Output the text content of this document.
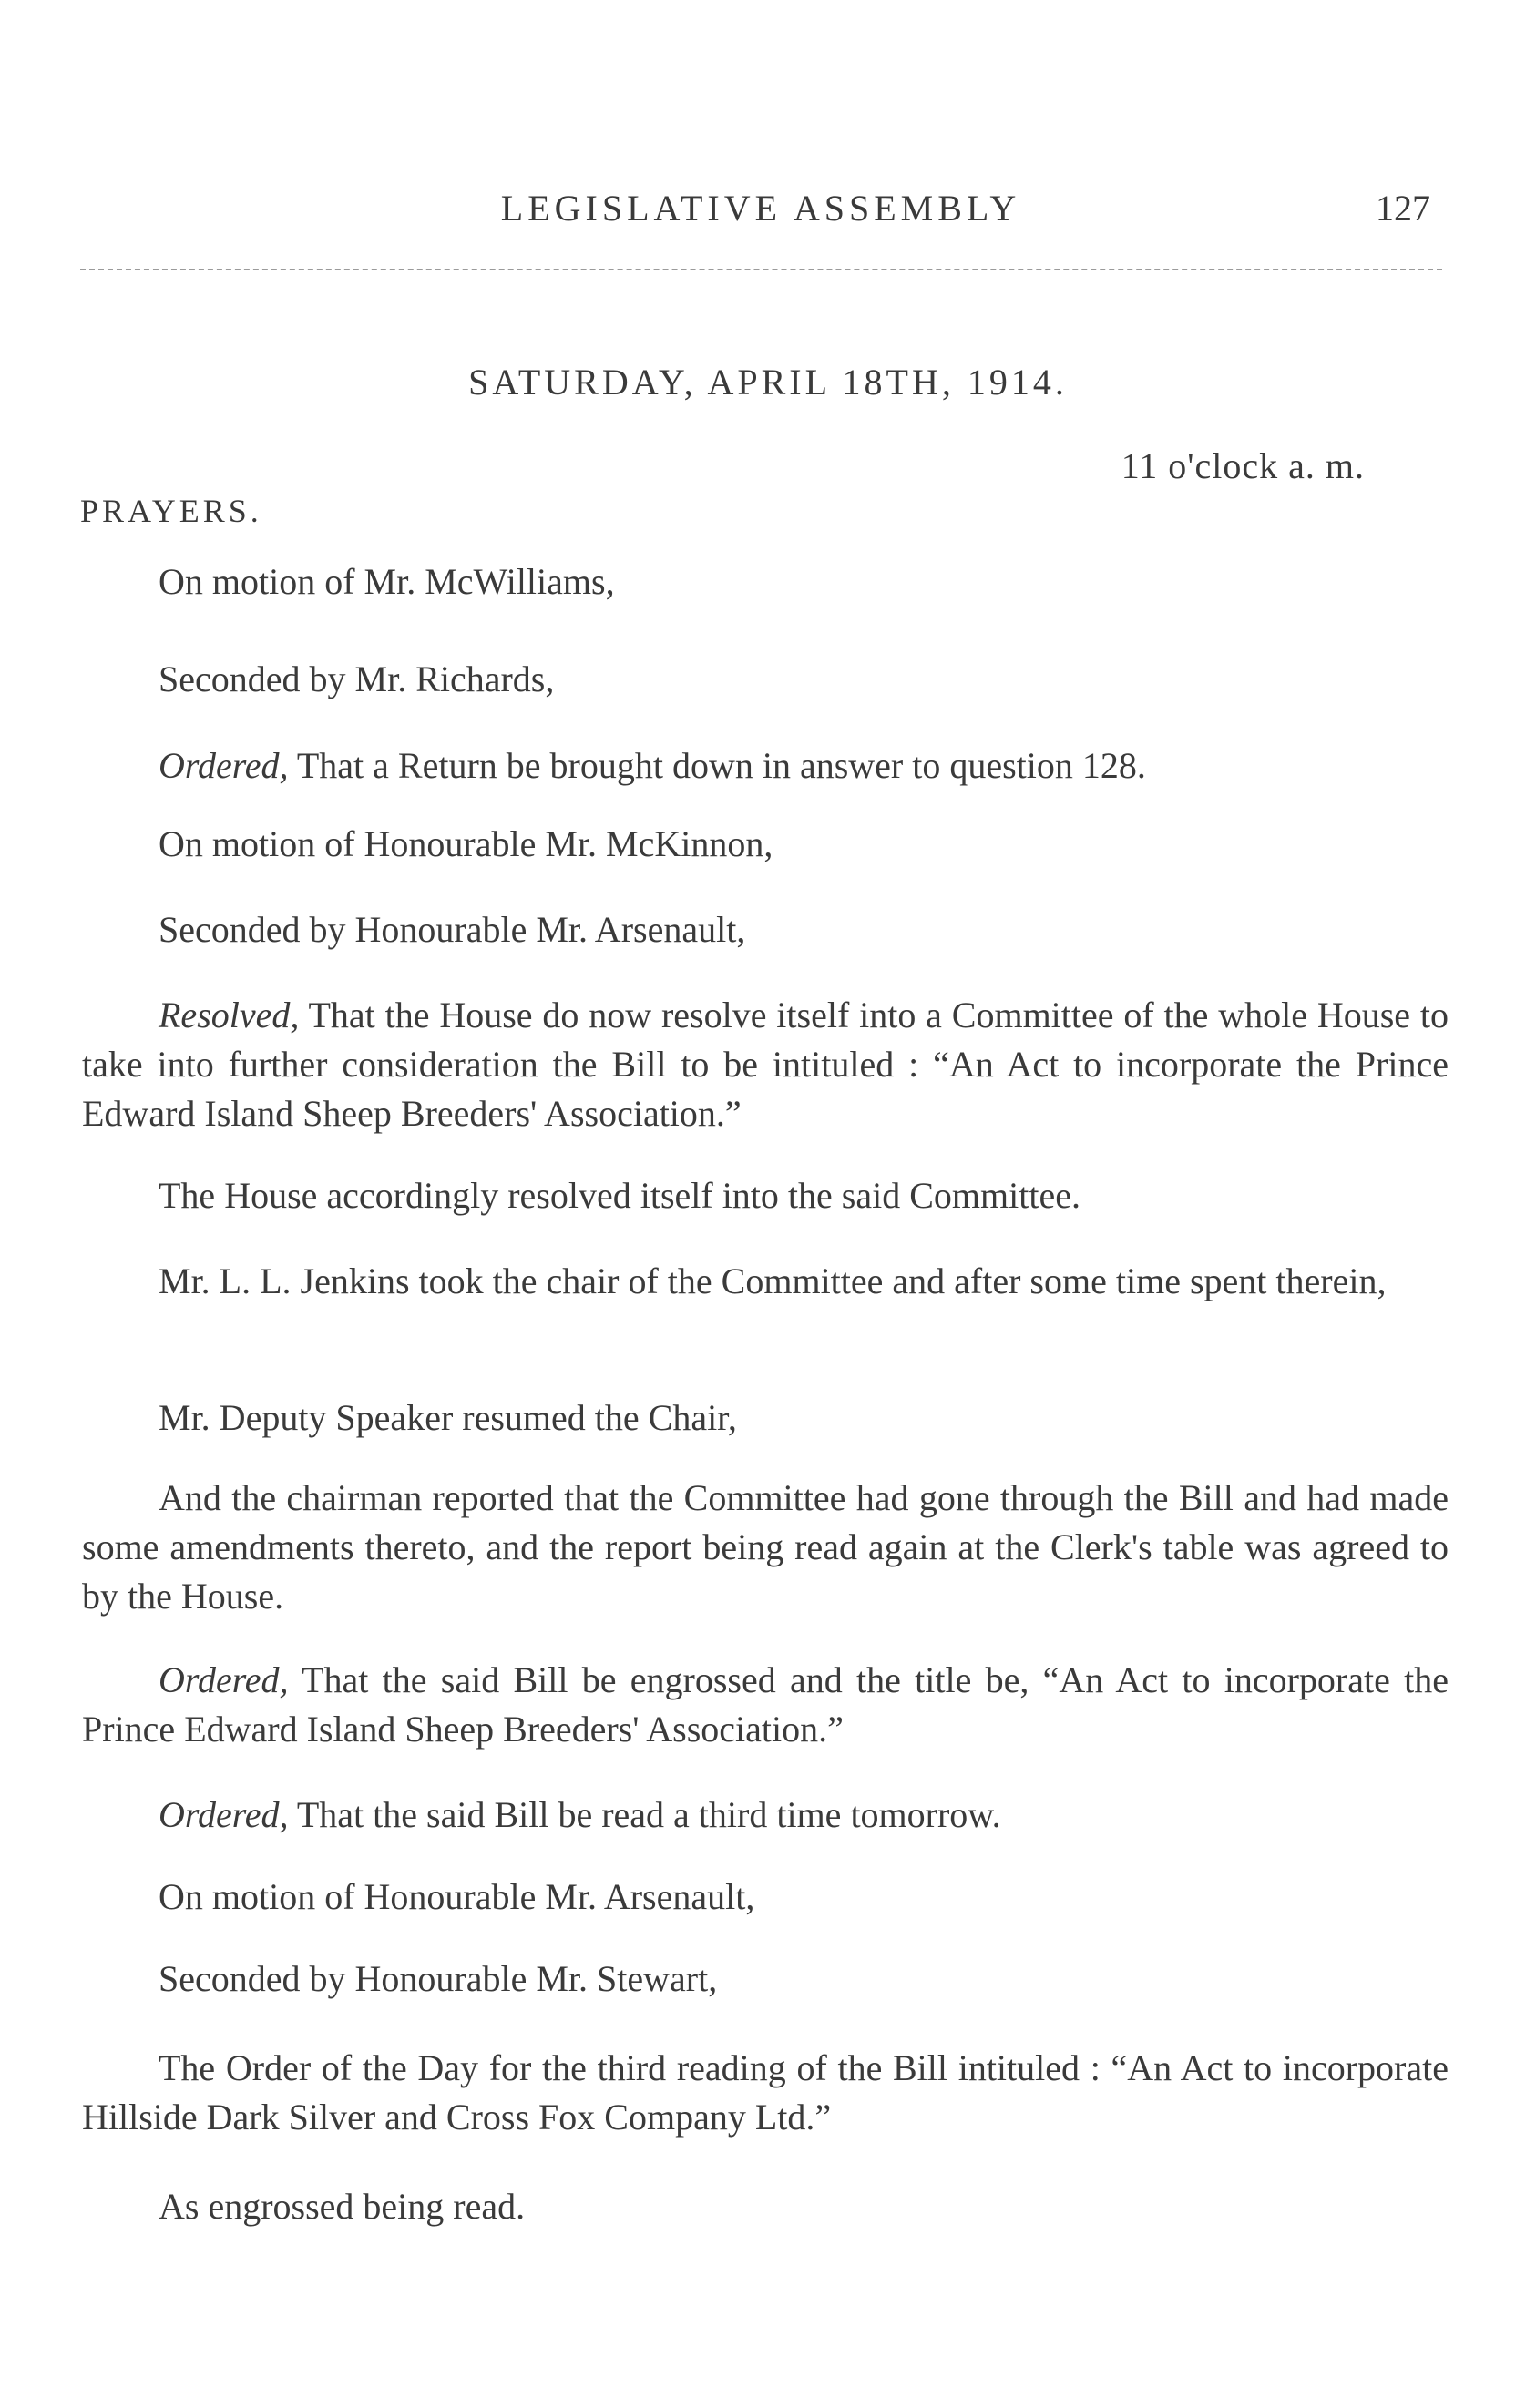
LEGISLATIVE ASSEMBLY	127
SATURDAY, APRIL 18TH, 1914.
11 o'clock a. m.
PRAYERS.

On motion of Mr. McWilliams,

Seconded by Mr. Richards,

Ordered, That a Return be brought down in answer to question 128.

On motion of Honourable Mr. McKinnon,

Seconded by Honourable Mr. Arsenault,

Resolved, That the House do now resolve itself into a Committee of the whole House to take into further consideration the Bill to be intituled : “An Act to incorporate the Prince Edward Island Sheep Breeders' Association.”

The House accordingly resolved itself into the said Committee.

Mr. L. L. Jenkins took the chair of the Committee and after some time spent therein,

Mr. Deputy Speaker resumed the Chair,

And the chairman reported that the Committee had gone through the Bill and had made some amendments thereto, and the report being read again at the Clerk's table was agreed to by the House.

Ordered, That the said Bill be engrossed and the title be, “An Act to incorporate the Prince Edward Island Sheep Breeders' Association.”

Ordered, That the said Bill be read a third time tomorrow.

On motion of Honourable Mr. Arsenault,

Seconded by Honourable Mr. Stewart,

The Order of the Day for the third reading of the Bill intituled : “An Act to incorporate Hillside Dark Silver and Cross Fox Company Ltd.”

As engrossed being read.
